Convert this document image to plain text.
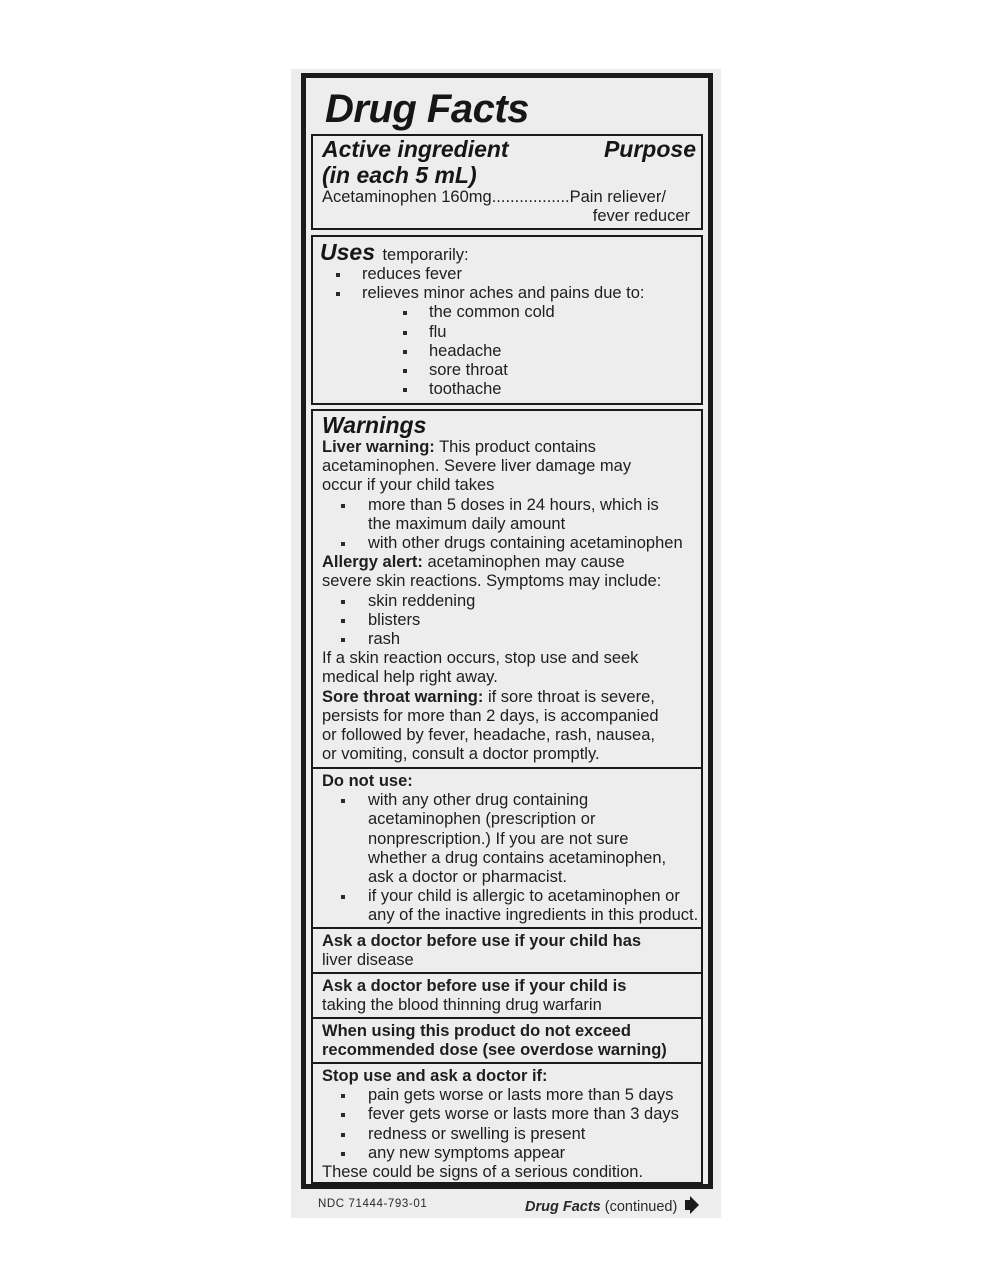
Drug Facts
Active ingredient
(in each 5 mL)
Purpose
Acetaminophen 160mg.................Pain reliever/
fever reducer
Uses temporarily:
reduces fever
relieves minor aches and pains due to:
the common cold
flu
headache
sore throat
toothache
Warnings
Liver warning: This product contains
acetaminophen. Severe liver damage may
occur if your child takes
more than 5 doses in 24 hours, which is
the maximum daily amount
with other drugs containing acetaminophen
Allergy alert: acetaminophen may cause
severe skin reactions. Symptoms may include:
skin reddening
blisters
rash
If a skin reaction occurs, stop use and seek
medical help right away.
Sore throat warning: if sore throat is severe,
persists for more than 2 days, is accompanied
or followed by fever, headache, rash, nausea,
or vomiting, consult a doctor promptly.
Do not use:
with any other drug containing
acetaminophen (prescription or
nonprescription.) If you are not sure
whether a drug contains acetaminophen,
ask a doctor or pharmacist.
if your child is allergic to acetaminophen or
any of the inactive ingredients in this product.
Ask a doctor before use if your child has
liver disease
Ask a doctor before use if your child is
taking the blood thinning drug warfarin
When using this product do not exceed
recommended dose (see overdose warning)
Stop use and ask a doctor if:
pain gets worse or lasts more than 5 days
fever gets worse or lasts more than 3 days
redness or swelling is present
any new symptoms appear
These could be signs of a serious condition.
NDC 71444-793-01	Drug Facts (continued)
